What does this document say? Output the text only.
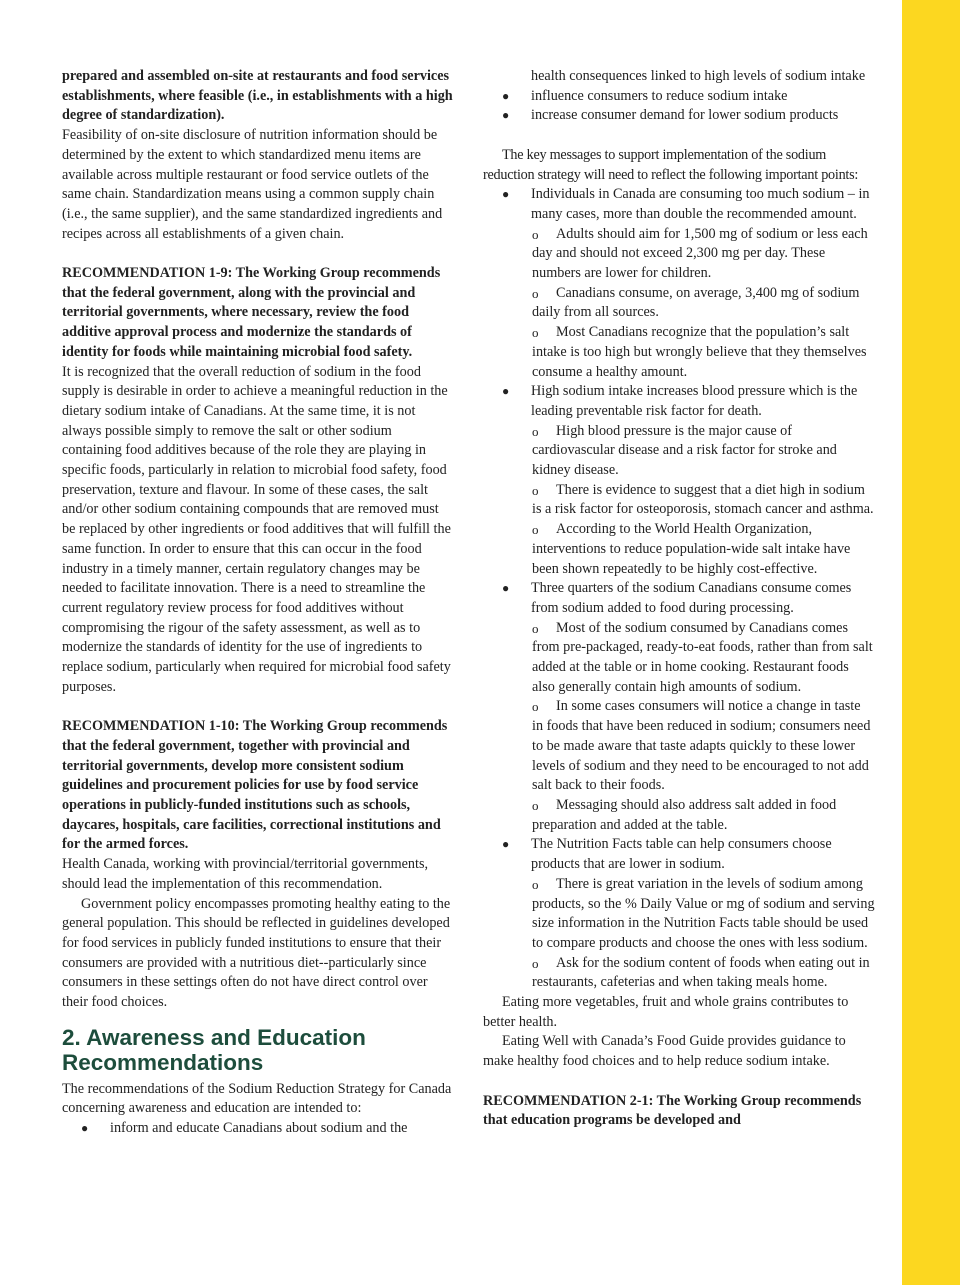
prepared and assembled on-site at restaurants and food services establishments, where feasible (i.e., in establishments with a high degree of standardization).

Feasibility of on-site disclosure of nutrition information should be determined by the extent to which standardized menu items are available across multiple restaurant or food service outlets of the same chain. Standardization means using a common supply chain (i.e., the same supplier), and the same standardized ingredients and recipes across all establishments of a given chain.

RECOMMENDATION 1-9: The Working Group recommends that the federal government, along with the provincial and territorial governments, where necessary, review the food additive approval process and modernize the standards of identity for foods while maintaining microbial food safety.

It is recognized that the overall reduction of sodium in the food supply is desirable in order to achieve a meaningful reduction in the dietary sodium intake of Canadians. At the same time, it is not always possible simply to remove the salt or other sodium containing food additives because of the role they are playing in specific foods, particularly in relation to microbial food safety, food preservation, texture and flavour. In some of these cases, the salt and/or other sodium containing compounds that are removed must be replaced by other ingredients or food additives that will fulfill the same function. In order to ensure that this can occur in the food industry in a timely manner, certain regulatory changes may be needed to facilitate innovation. There is a need to streamline the current regulatory review process for food additives without compromising the rigour of the safety assessment, as well as to modernize the standards of identity for the use of ingredients to replace sodium, particularly when required for microbial food safety purposes.

RECOMMENDATION 1-10: The Working Group recommends that the federal government, together with provincial and territorial governments, develop more consistent sodium guidelines and procurement policies for use by food service operations in publicly-funded institutions such as schools, daycares, hospitals, care facilities, correctional institutions and for the armed forces.

Health Canada, working with provincial/territorial governments, should lead the implementation of this recommendation.

Government policy encompasses promoting healthy eating to the general population. This should be reflected in guidelines developed for food services in publicly funded institutions to ensure that their consumers are provided with a nutritious diet--particularly since consumers in these settings often do not have direct control over their food choices.

2. Awareness and Education Recommendations

The recommendations of the Sodium Reduction Strategy for Canada concerning awareness and education are intended to:

● inform and educate Canadians about sodium and the

health consequences linked to high levels of sodium intake

● influence consumers to reduce sodium intake

● increase consumer demand for lower sodium products

The key messages to support implementation of the sodium reduction strategy will need to reflect the following important points:

● Individuals in Canada are consuming too much sodium – in many cases, more than double the recommended amount.

o	Adults should aim for 1,500 mg of sodium or less each day and should not exceed 2,300 mg per day. These numbers are lower for children.
o	Canadians consume, on average, 3,400 mg of sodium daily from all sources.
o	Most Canadians recognize that the population’s salt intake is too high but wrongly believe that they themselves consume a healthy amount.

● High sodium intake increases blood pressure which is the leading preventable risk factor for death.

o	High blood pressure is the major cause of cardiovascular disease and a risk factor for stroke and kidney disease.
o	There is evidence to suggest that a diet high in sodium is a risk factor for osteoporosis, stomach cancer and asthma.
o	According to the World Health Organization, interventions to reduce population-wide salt intake have been shown repeatedly to be highly cost-effective.

● Three quarters of the sodium Canadians consume comes from sodium added to food during processing.

o	Most of the sodium consumed by Canadians comes from pre-packaged, ready-to-eat foods, rather than from salt added at the table or in home cooking. Restaurant foods also generally contain high amounts of sodium.
o	In some cases consumers will notice a change in taste in foods that have been reduced in sodium; consumers need to be made aware that taste adapts quickly to these lower levels of sodium and they need to be encouraged to not add salt back to their foods.
o	Messaging should also address salt added in food preparation and added at the table.

● The Nutrition Facts table can help consumers choose products that are lower in sodium.

o	There is great variation in the levels of sodium among products, so the % Daily Value or mg of sodium and serving size information in the Nutrition Facts table should be used to compare products and choose the ones with less sodium.
o	Ask for the sodium content of foods when eating out in restaurants, cafeterias and when taking meals home.

Eating more vegetables, fruit and whole grains contributes to better health.

Eating Well with Canada’s Food Guide provides guidance to make healthy food choices and to help reduce sodium intake.

RECOMMENDATION 2-1: The Working Group recommends that education programs be developed and
